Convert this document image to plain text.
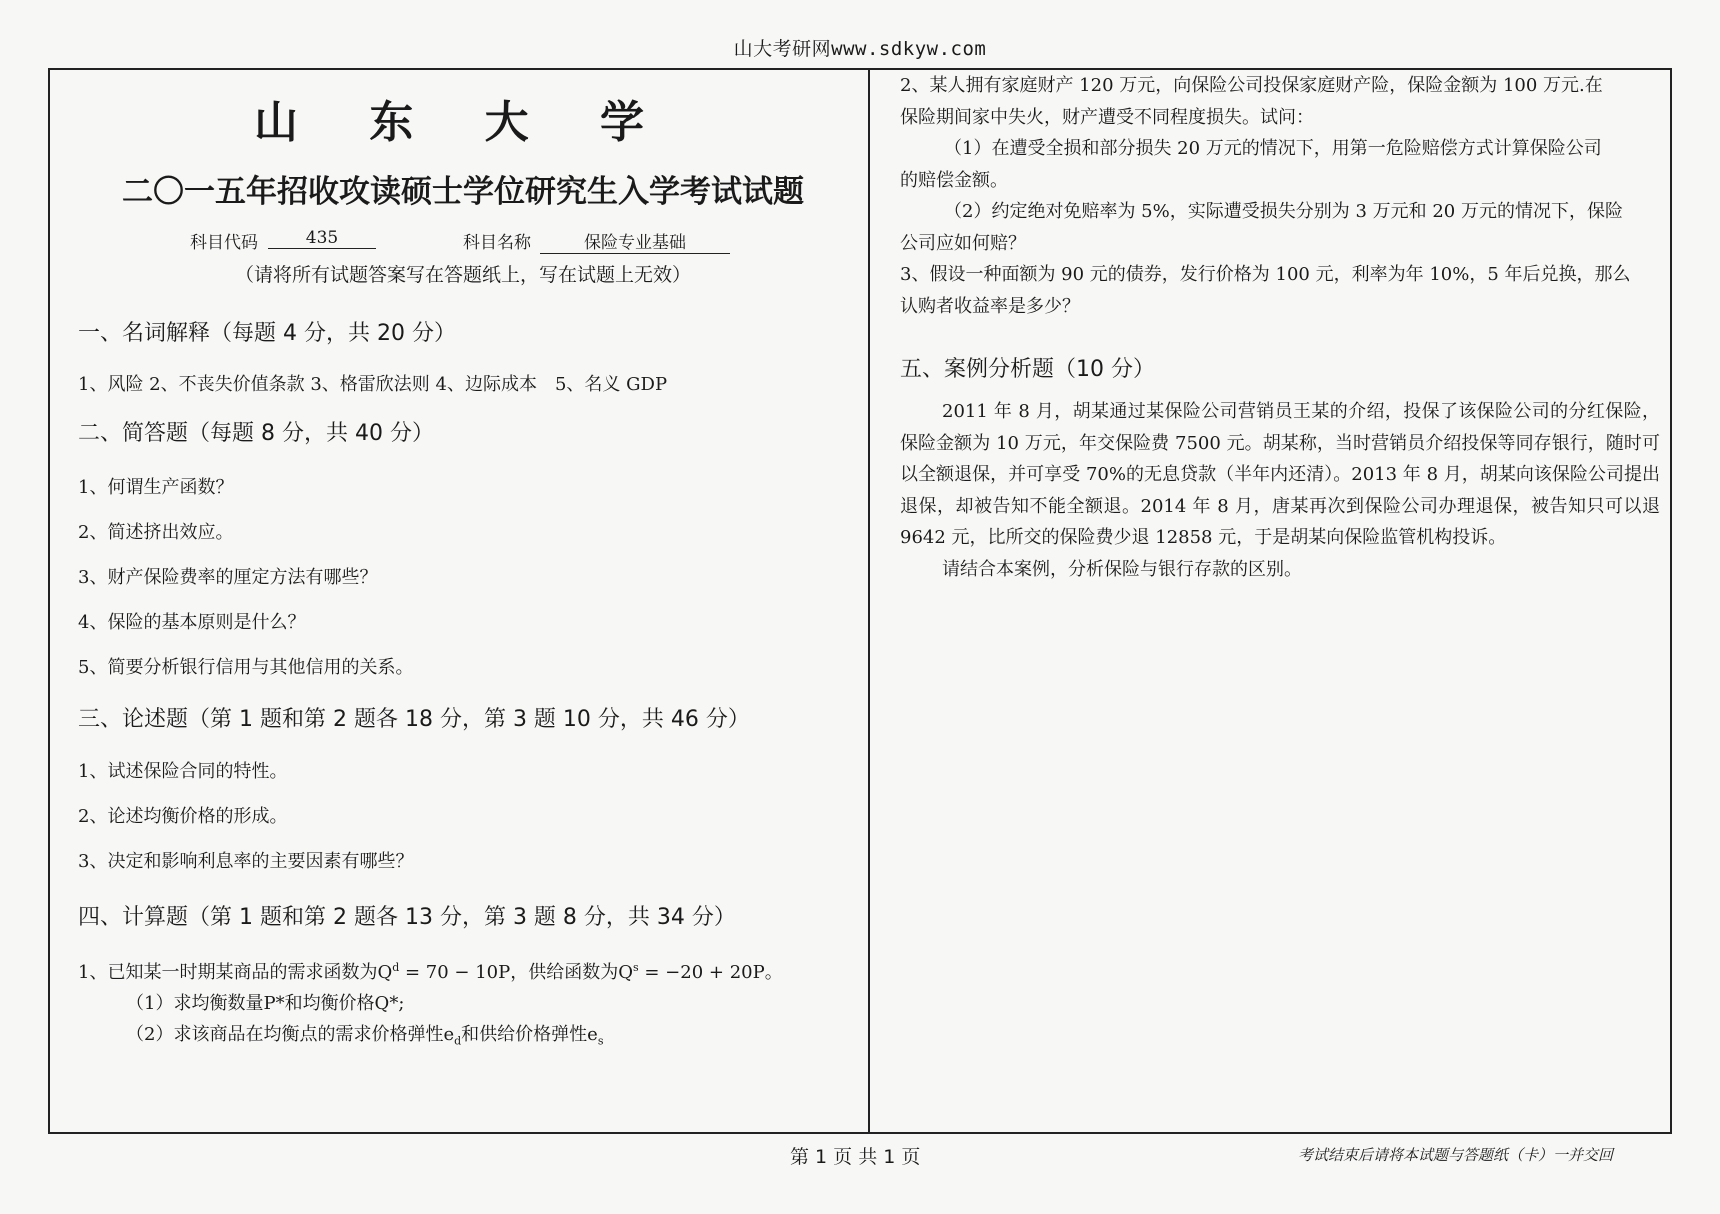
山大考研网www.sdkyw.com
山 东 大 学
二〇一五年招收攻读硕士学位研究生入学考试试题
科目代码	435	科目名称	保险专业基础
（请将所有试题答案写在答题纸上，写在试题上无效）
一、名词解释（每题 4 分，共 20 分）
1、风险 2、不丧失价值条款 3、格雷欣法则 4、边际成本　5、名义 GDP
二、简答题（每题 8 分，共 40 分）
1、何谓生产函数？
2、简述挤出效应。
3、财产保险费率的厘定方法有哪些？
4、保险的基本原则是什么？
5、简要分析银行信用与其他信用的关系。
三、论述题（第 1 题和第 2 题各 18 分，第 3 题 10 分，共 46 分）
1、试述保险合同的特性。
2、论述均衡价格的形成。
3、决定和影响利息率的主要因素有哪些？
四、计算题（第 1 题和第 2 题各 13 分，第 3 题 8 分，共 34 分）
1、已知某一时期某商品的需求函数为$Q^d = 70 - 10P$，供给函数为$Q^s = -20 + 20P$。
（1）求均衡数量P*和均衡价格Q*;
（2）求该商品在均衡点的需求价格弹性$e_d$和供给价格弹性$e_s$
2、某人拥有家庭财产 120 万元，向保险公司投保家庭财产险，保险金额为 100 万元.在
保险期间家中失火，财产遭受不同程度损失。试问：
（1）在遭受全损和部分损失 20 万元的情况下，用第一危险赔偿方式计算保险公司
的赔偿金额。
（2）约定绝对免赔率为 5%，实际遭受损失分别为 3 万元和 20 万元的情况下，保险
公司应如何赔？
3、假设一种面额为 90 元的债券，发行价格为 100 元，利率为年 10%，5 年后兑换，那么
认购者收益率是多少？
五、案例分析题（10 分）

2011 年 8 月，胡某通过某保险公司营销员王某的介绍，投保了该保险公司的分红保险，保险金额为 10 万元，年交保险费 7500 元。胡某称，当时营销员介绍投保等同存银行，随时可以全额退保，并可享受 70%的无息贷款（半年内还清）。2013 年 8 月，胡某向该保险公司提出退保，却被告知不能全额退。2014 年 8 月，唐某再次到保险公司办理退保，被告知只可以退 9642 元，比所交的保险费少退 12858 元，于是胡某向保险监管机构投诉。

请结合本案例，分析保险与银行存款的区别。

第 1 页 共 1 页	考试结束后请将本试题与答题纸（卡）一并交回
